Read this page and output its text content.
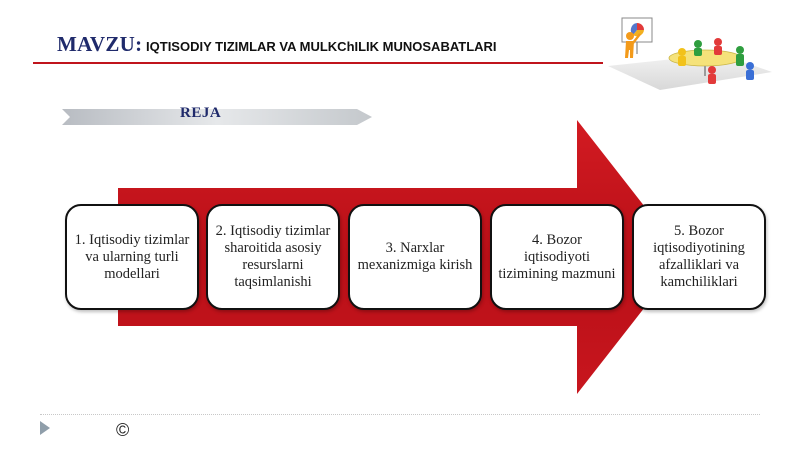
MAVZU: IQTISODIY TIZIMLAR VA MULKChILIK MUNOSABATLARI
REJA
1. Iqtisodiy tizimlar va ularning turli modellari
2. Iqtisodiy tizimlar sharoitida asosiy resurslarni taqsimlanishi
3. Narxlar mexanizmiga kirish
4. Bozor iqtisodiyoti tizimining mazmuni
5. Bozor iqtisodiyotining afzalliklari va kamchiliklari
©
